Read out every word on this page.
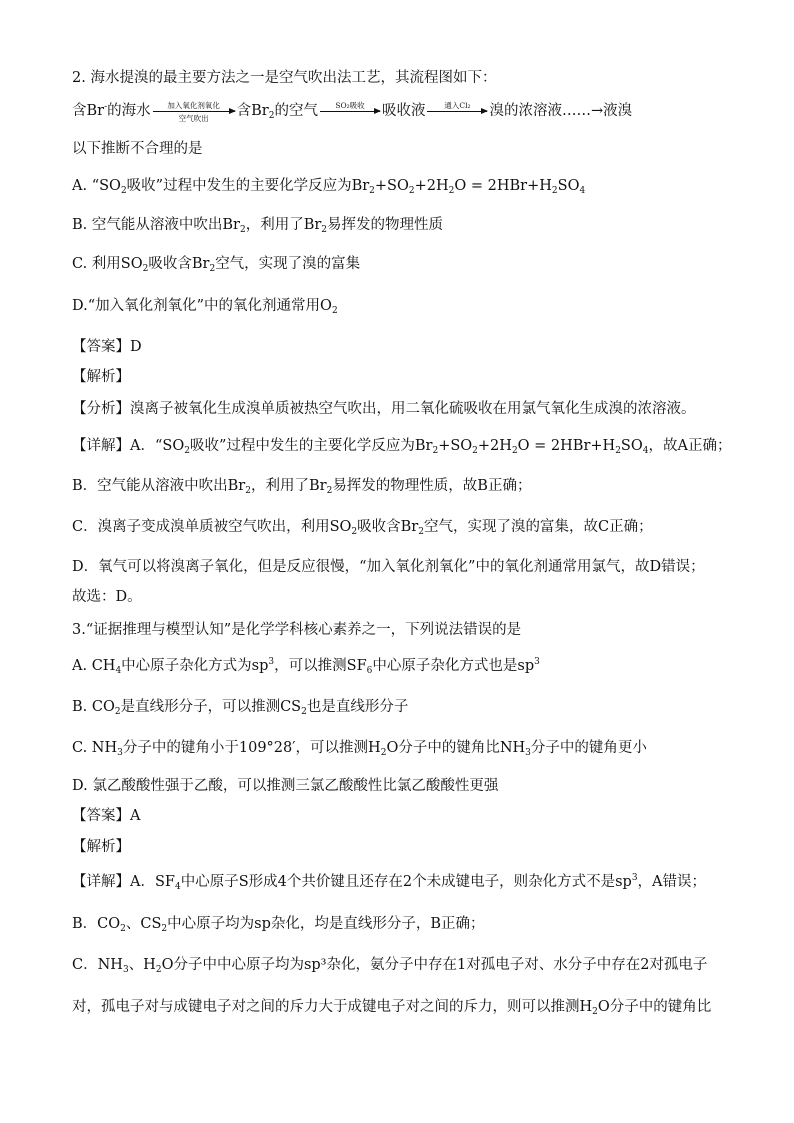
2. 海水提溴的最主要方法之一是空气吹出法工艺，其流程图如下：
含Br-的海水	加入氧化剂氧化
空气吹出	含$Br_2$的空气	SO₂吸收	吸收液	通入Cl₂	溴的浓溶液……→液溴
以下推断不合理的是
A. “$SO_2$吸收”过程中发生的主要化学反应为$Br_2+SO_2+2H_2O = 2HBr+H_2SO_4$
B. 空气能从溶液中吹出$Br_2$，利用了$Br_2$易挥发的物理性质
C. 利用$SO_2$吸收含$Br_2$空气，实现了溴的富集
D.“加入氧化剂氧化”中的氧化剂通常用$O_2$
【答案】D
【解析】
【分析】溴离子被氧化生成溴单质被热空气吹出，用二氧化硫吸收在用氯气氧化生成溴的浓溶液。
【详解】A．“$SO_2$吸收”过程中发生的主要化学反应为$Br_2+SO_2+2H_2O = 2HBr+H_2SO_4$，故A正确；
B．空气能从溶液中吹出$Br_2$，利用了$Br_2$易挥发的物理性质，故B正确；
C．溴离子变成溴单质被空气吹出，利用$SO_2$吸收含$Br_2$空气，实现了溴的富集，故C正确；
D．氧气可以将溴离子氧化，但是反应很慢，“加入氧化剂氧化”中的氧化剂通常用氯气，故D错误；
故选：D。
3.“证据推理与模型认知”是化学学科核心素养之一，下列说法错误的是
A. $CH_4$中心原子杂化方式为$sp^3$，可以推测$SF_6$中心原子杂化方式也是$sp^3$
B. $CO_2$是直线形分子，可以推测$CS_2$也是直线形分子
C. $NH_3$分子中的键角小于109°28′，可以推测$H_2O$分子中的键角比$NH_3$分子中的键角更小
D. 氯乙酸酸性强于乙酸，可以推测三氯乙酸酸性比氯乙酸酸性更强
【答案】A
【解析】
【详解】A．$SF_4$中心原子S形成4个共价键且还存在2个未成键电子，则杂化方式不是$sp^3$，A错误；
B．$CO_2$、$CS_2$中心原子均为sp杂化，均是直线形分子，B正确；
C．$NH_3$、$H_2O$分子中中心原子均为sp³杂化，氨分子中存在1对孤电子对、水分子中存在2对孤电子
对，孤电子对与成键电子对之间的斥力大于成键电子对之间的斥力，则可以推测$H_2O$分子中的键角比
